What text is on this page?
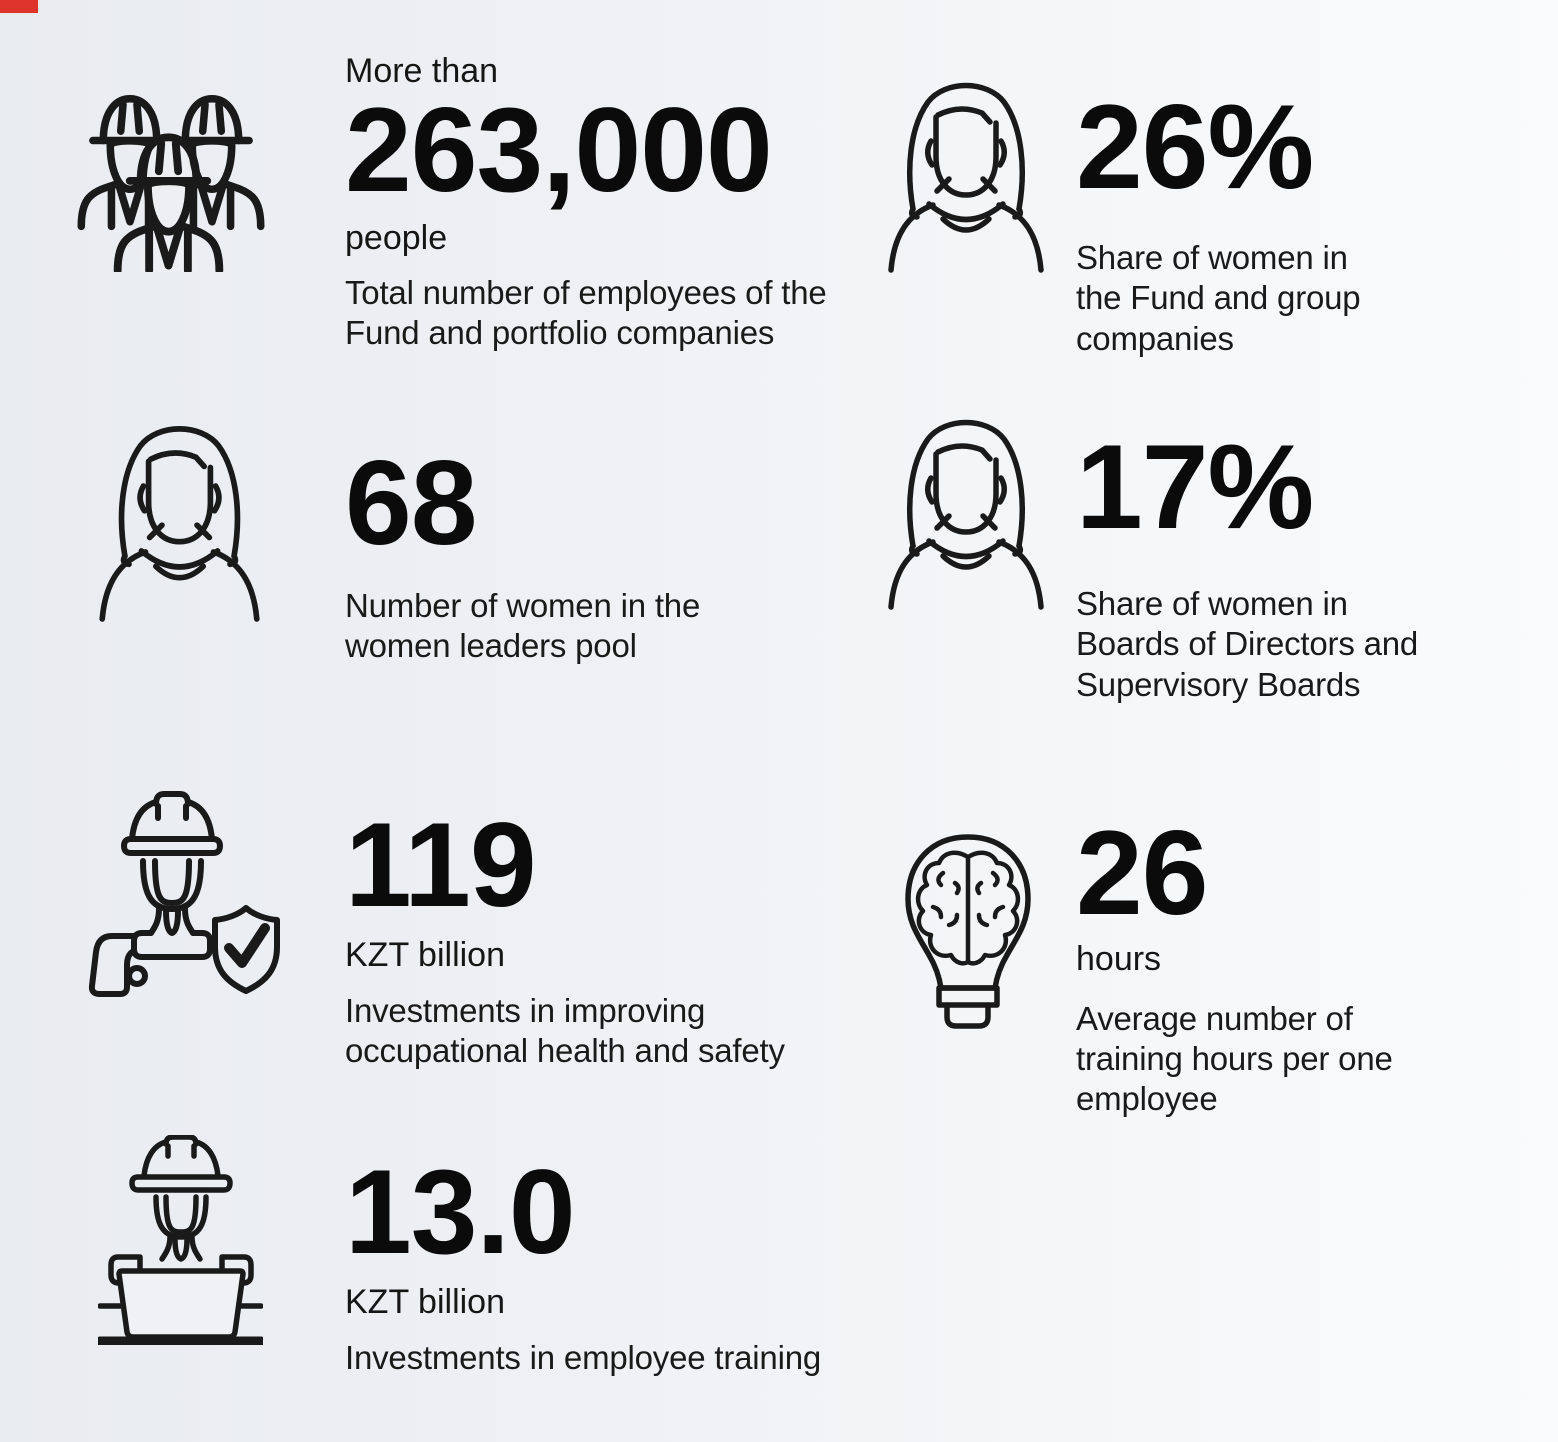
More than
263,000
people
Total number of employees of the Fund and portfolio companies
26%
Share of women in the Fund and group companies
68
Number of women in the women leaders pool
17%
Share of women in Boards of Directors and Supervisory Boards
119
KZT billion
Investments in improving occupational health and safety
26
hours
Average number of training hours per one employee
13.0
KZT billion
Investments in employee training
